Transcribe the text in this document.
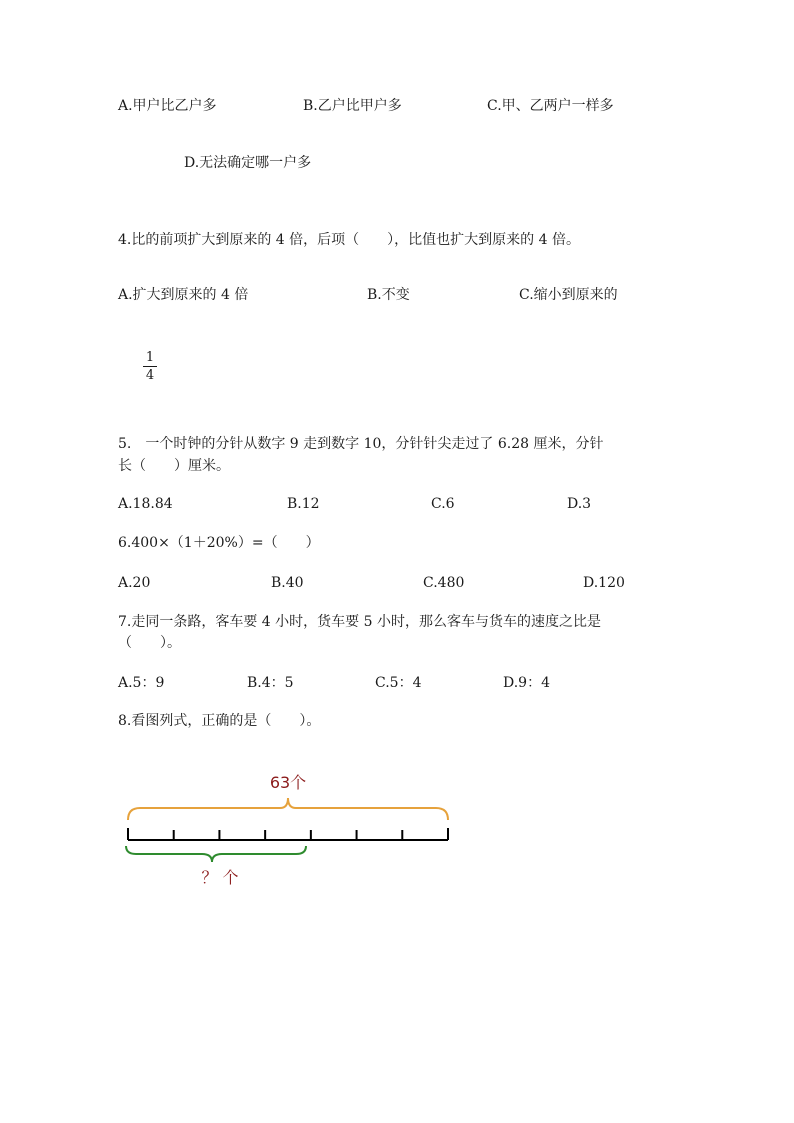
A.甲户比乙户多	B.乙户比甲户多	C.甲、乙两户一样多
D.无法确定哪一户多

4.比的前项扩大到原来的 4 倍，后项（　　），比值也扩大到原来的 4 倍。

A.扩大到原来的 4 倍	B.不变	C.缩小到原来的
1
4

5.　一个时钟的分针从数字 9 走到数字 10，分针针尖走过了 6.28 厘米，分针

长（　　）厘米。

A.18.84	B.12	C.6	D.3

6.400×（1＋20%）=（　　）

A.20	B.40	C.480	D.120

7.走同一条路，客车要 4 小时，货车要 5 小时，那么客车与货车的速度之比是

（　　）。

A.5：9	B.4：5	C.5：4	D.9：4

8.看图列式，正确的是（　　）。

63个
？ 个
